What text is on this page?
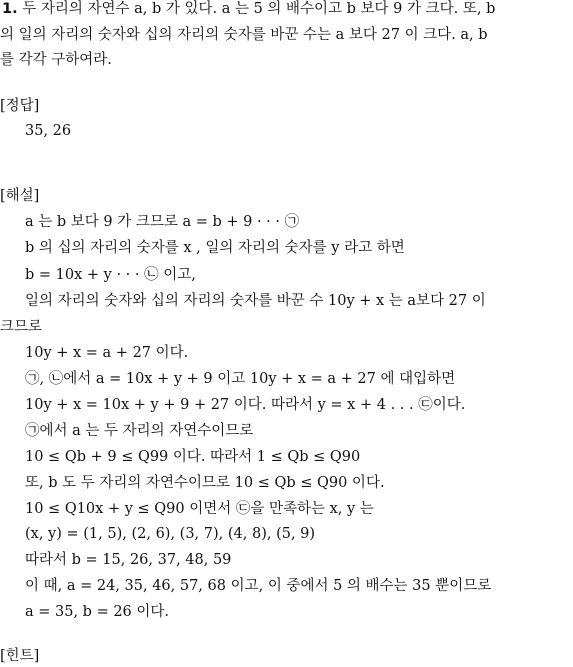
1. 두 자리의 자연수 a, b 가 있다. a 는 5 의 배수이고 b 보다 9 가 크다. 또, b
의 일의 자리의 숫자와 십의 자리의 숫자를 바꾼 수는 a 보다 27 이 크다. a, b
를 각각 구하여라.
[정답]
35, 26
[해설]
a 는 b 보다 9 가 크므로 a = b + 9 · · · ㉠
b 의 십의 자리의 숫자를 x , 일의 자리의 숫자를 y 라고 하면
b = 10x + y · · · ㉡ 이고,
일의 자리의 숫자와 십의 자리의 숫자를 바꾼 수 10y + x 는 a보다 27 이
크므로
10y + x = a + 27 이다.
㉠, ㉡에서 a = 10x + y + 9 이고 10y + x = a + 27 에 대입하면
10y + x = 10x + y + 9 + 27 이다. 따라서 y = x + 4 . . . ㉢이다.
㉠에서 a 는 두 자리의 자연수이므로
10 ≤ Qb + 9 ≤ Q99 이다. 따라서 1 ≤ Qb ≤ Q90
또, b 도 두 자리의 자연수이므로 10 ≤ Qb ≤ Q90 이다.
10 ≤ Q10x + y ≤ Q90 이면서 ㉢을 만족하는 x, y 는
(x, y) = (1, 5), (2, 6), (3, 7), (4, 8), (5, 9)
따라서 b = 15, 26, 37, 48, 59
이 때, a = 24, 35, 46, 57, 68 이고, 이 중에서 5 의 배수는 35 뿐이므로
a = 35, b = 26 이다.
[힌트]
